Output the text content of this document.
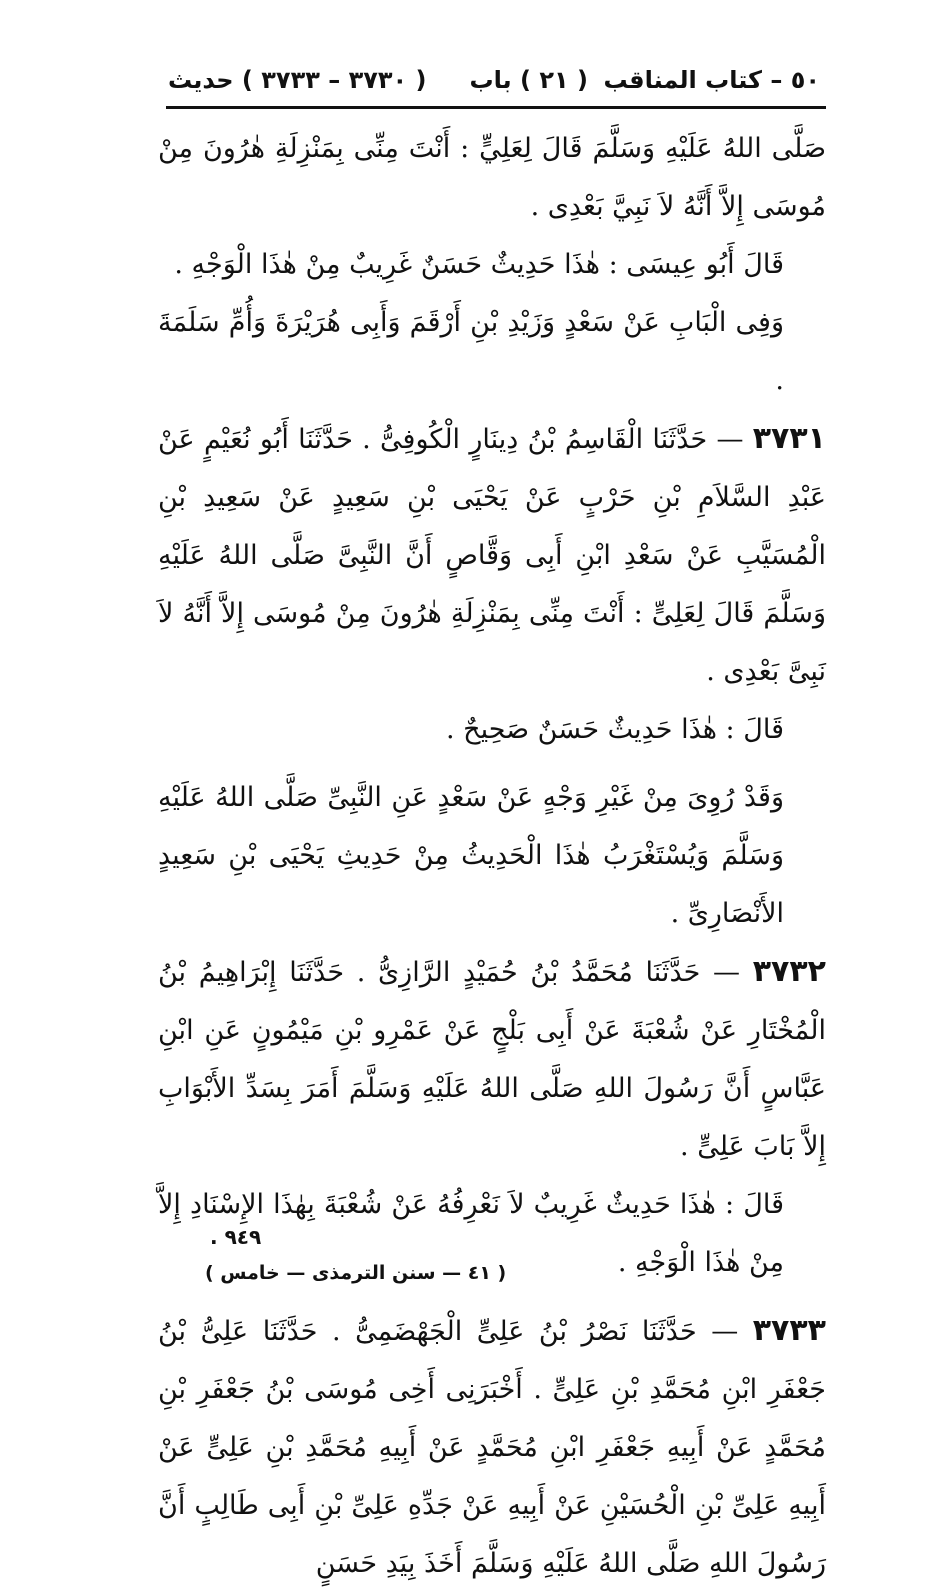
٥٠ – كتاب المناقب
( ٢١ ) باب
( ٣٧٣٠ – ٣٧٣٣ ) حديث

صَلَّى اللهُ عَلَيْهِ وَسَلَّمَ قَالَ لِعَلِيٍّ : أَنْتَ مِنِّى بِمَنْزِلَةِ هٰرُونَ مِنْ مُوسَى إِلاَّ أَنَّهُ لاَ نَبِيَّ بَعْدِى .

قَالَ أَبُو عِيسَى : هٰذَا حَدِيثٌ حَسَنٌ غَرِيبٌ مِنْ هٰذَا الْوَجْهِ .

وَفِى الْبَابِ عَنْ سَعْدٍ وَزَيْدِ بْنِ أَرْقَمَ وَأَبِى هُرَيْرَةَ وَأُمِّ سَلَمَةَ .

٣٧٣١ — حَدَّثَنَا الْقَاسِمُ بْنُ دِينَارٍ الْكُوفِىُّ . حَدَّثَنَا أَبُو نُعَيْمٍ عَنْ عَبْدِ السَّلاَمِ بْنِ حَرْبٍ عَنْ يَحْيَى بْنِ سَعِيدٍ عَنْ سَعِيدِ بْنِ الْمُسَيَّبِ عَنْ سَعْدِ ابْنِ أَبِى وَقَّاصٍ أَنَّ النَّبِىَّ صَلَّى اللهُ عَلَيْهِ وَسَلَّمَ قَالَ لِعَلِىٍّ : أَنْتَ مِنِّى بِمَنْزِلَةِ هٰرُونَ مِنْ مُوسَى إِلاَّ أَنَّهُ لاَ نَبِىَّ بَعْدِى .

قَالَ : هٰذَا حَدِيثٌ حَسَنٌ صَحِيحٌ .

وَقَدْ رُوِىَ مِنْ غَيْرِ وَجْهٍ عَنْ سَعْدٍ عَنِ النَّبِىِّ صَلَّى اللهُ عَلَيْهِ وَسَلَّمَ وَيُسْتَغْرَبُ هٰذَا الْحَدِيثُ مِنْ حَدِيثِ يَحْيَى بْنِ سَعِيدٍ الأَنْصَارِىِّ .

٣٧٣٢ — حَدَّثَنَا مُحَمَّدُ بْنُ حُمَيْدٍ الرَّازِىُّ . حَدَّثَنَا إِبْرَاهِيمُ بْنُ الْمُخْتَارِ عَنْ شُعْبَةَ عَنْ أَبِى بَلْجٍ عَنْ عَمْرِو بْنِ مَيْمُونٍ عَنِ ابْنِ عَبَّاسٍ أَنَّ رَسُولَ اللهِ صَلَّى اللهُ عَلَيْهِ وَسَلَّمَ أَمَرَ بِسَدِّ الأَبْوَابِ إِلاَّ بَابَ عَلِىٍّ .

قَالَ : هٰذَا حَدِيثٌ غَرِيبٌ لاَ نَعْرِفُهُ عَنْ شُعْبَةَ بِهٰذَا الإِسْنَادِ إِلاَّ مِنْ هٰذَا الْوَجْهِ .

٣٧٣٣ — حَدَّثَنَا نَصْرُ بْنُ عَلِىٍّ الْجَهْضَمِىُّ . حَدَّثَنَا عَلِىُّ بْنُ جَعْفَرِ ابْنِ مُحَمَّدِ بْنِ عَلِىٍّ . أَخْبَرَنِى أَخِى مُوسَى بْنُ جَعْفَرِ بْنِ مُحَمَّدٍ عَنْ أَبِيهِ جَعْفَرِ ابْنِ مُحَمَّدٍ عَنْ أَبِيهِ مُحَمَّدِ بْنِ عَلِىٍّ عَنْ أَبِيهِ عَلِىِّ بْنِ الْحُسَيْنِ عَنْ أَبِيهِ عَنْ جَدِّهِ عَلِىِّ بْنِ أَبِى طَالِبٍ أَنَّ رَسُولَ اللهِ صَلَّى اللهُ عَلَيْهِ وَسَلَّمَ أَخَذَ بِيَدِ حَسَنٍ

٩٤٩ .
( ٤١ — سنن الترمذى — خامس )
